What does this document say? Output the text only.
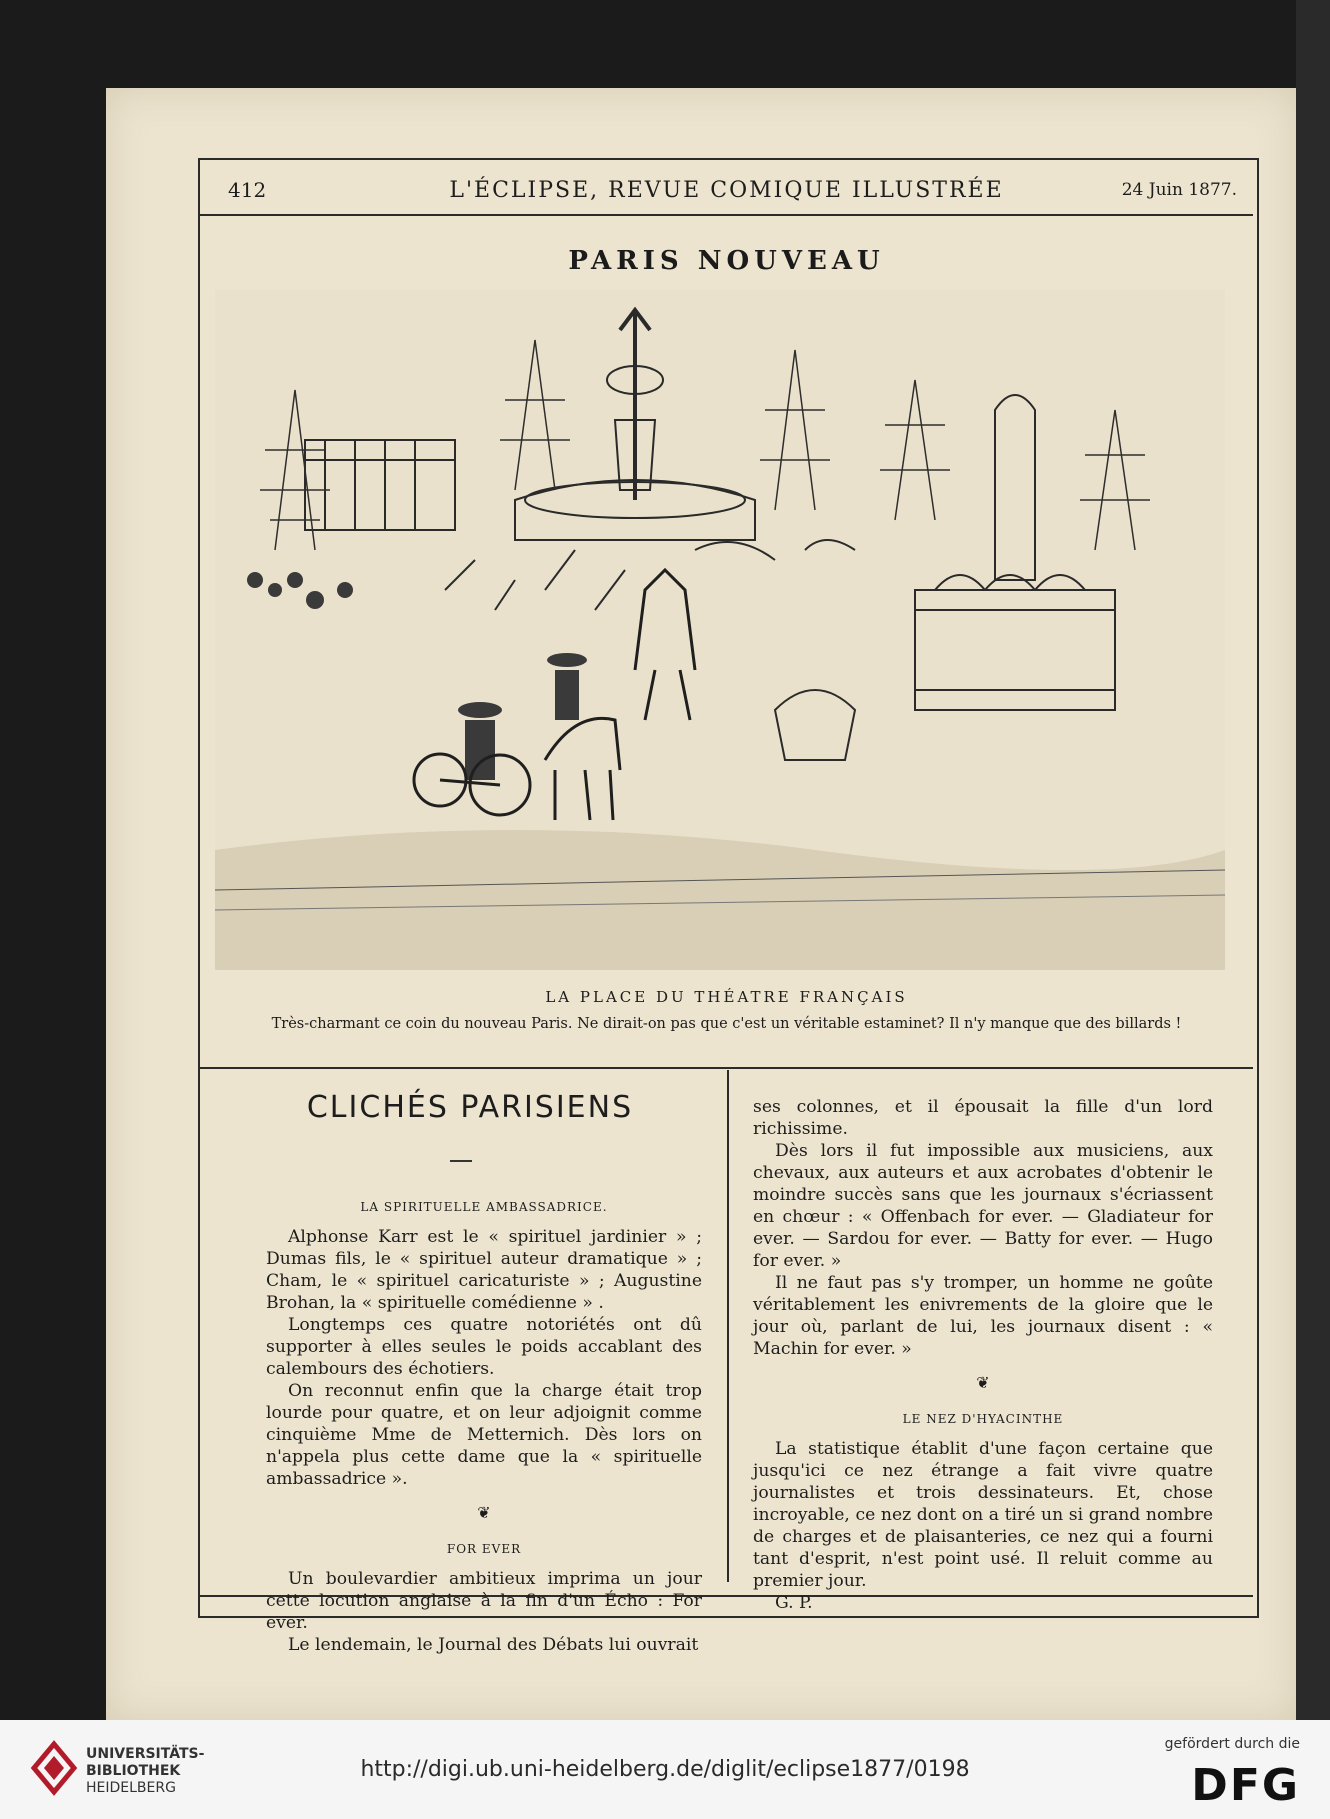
412	L'ÉCLIPSE, REVUE COMIQUE ILLUSTRÉE	24 Juin 1877.
PARIS NOUVEAU
LA PLACE DU THÉATRE FRANÇAIS
Très-charmant ce coin du nouveau Paris. Ne dirait-on pas que c'est un véritable estaminet? Il n'y manque que des billards !
CLICHÉS PARISIENS
LA SPIRITUELLE AMBASSADRICE.

Alphonse Karr est le « spirituel jardinier » ; Dumas fils, le « spirituel auteur dramatique » ; Cham, le « spirituel caricaturiste » ; Augustine Brohan, la « spirituelle comédienne » .

Longtemps ces quatre notoriétés ont dû supporter à elles seules le poids accablant des calembours des échotiers.

On reconnut enfin que la charge était trop lourde pour quatre, et on leur adjoignit comme cinquième Mme de Metternich. Dès lors on n'appela plus cette dame que la « spirituelle ambassadrice ».

❦
FOR EVER

Un boulevardier ambitieux imprima un jour cette locution anglaise à la fin d'un Écho : For ever.

Le lendemain, le Journal des Débats lui ouvrait

ses colonnes, et il épousait la fille d'un lord richissime.

Dès lors il fut impossible aux musiciens, aux chevaux, aux auteurs et aux acrobates d'obtenir le moindre succès sans que les journaux s'écriassent en chœur : « Offenbach for ever. — Gladiateur for ever. — Sardou for ever. — Batty for ever. — Hugo for ever. »

Il ne faut pas s'y tromper, un homme ne goûte véritablement les enivrements de la gloire que le jour où, parlant de lui, les journaux disent : « Machin for ever. »

❦
LE NEZ D'HYACINTHE

La statistique établit d'une façon certaine que jusqu'ici ce nez étrange a fait vivre quatre journalistes et trois dessinateurs. Et, chose incroyable, ce nez dont on a tiré un si grand nombre de charges et de plaisanteries, ce nez qui a fourni tant d'esprit, n'est point usé. Il reluit comme au premier jour.

G. P.

UNIVERSITÄTS-
BIBLIOTHEK
HEIDELBERG
http://digi.ub.uni-heidelberg.de/diglit/eclipse1877/0198
gefördert durch die
DFG
